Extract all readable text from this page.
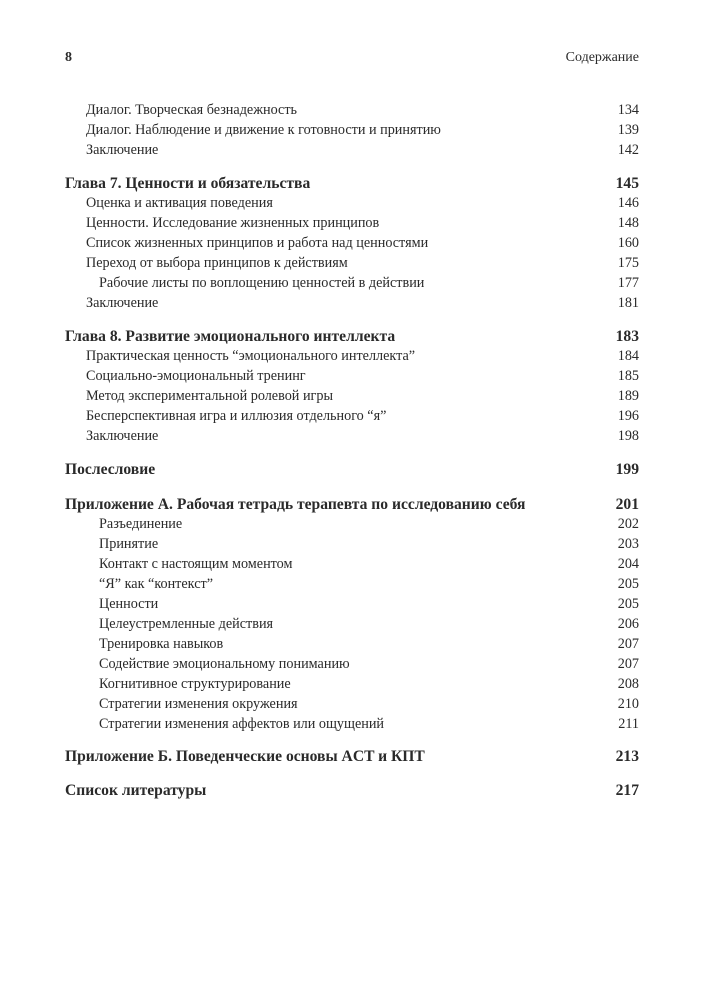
8	Содержание
Диалог. Творческая безнадежность	134
Диалог. Наблюдение и движение к готовности и принятию	139
Заключение	142
Глава 7. Ценности и обязательства	145
Оценка и активация поведения	146
Ценности. Исследование жизненных принципов	148
Список жизненных принципов и работа над ценностями	160
Переход от выбора принципов к действиям	175
Рабочие листы по воплощению ценностей в действии	177
Заключение	181
Глава 8. Развитие эмоционального интеллекта	183
Практическая ценность “эмоционального интеллекта”	184
Социально-эмоциональный тренинг	185
Метод экспериментальной ролевой игры	189
Бесперспективная игра и иллюзия отдельного “я”	196
Заключение	198
Послесловие	199
Приложение А. Рабочая тетрадь терапевта по исследованию себя	201
Разъединение	202
Принятие	203
Контакт с настоящим моментом	204
“Я” как “контекст”	205
Ценности	205
Целеустремленные действия	206
Тренировка навыков	207
Содействие эмоциональному пониманию	207
Когнитивное структурирование	208
Стратегии изменения окружения	210
Стратегии изменения аффектов или ощущений	211
Приложение Б. Поведенческие основы ACT и КПТ	213
Список литературы	217
